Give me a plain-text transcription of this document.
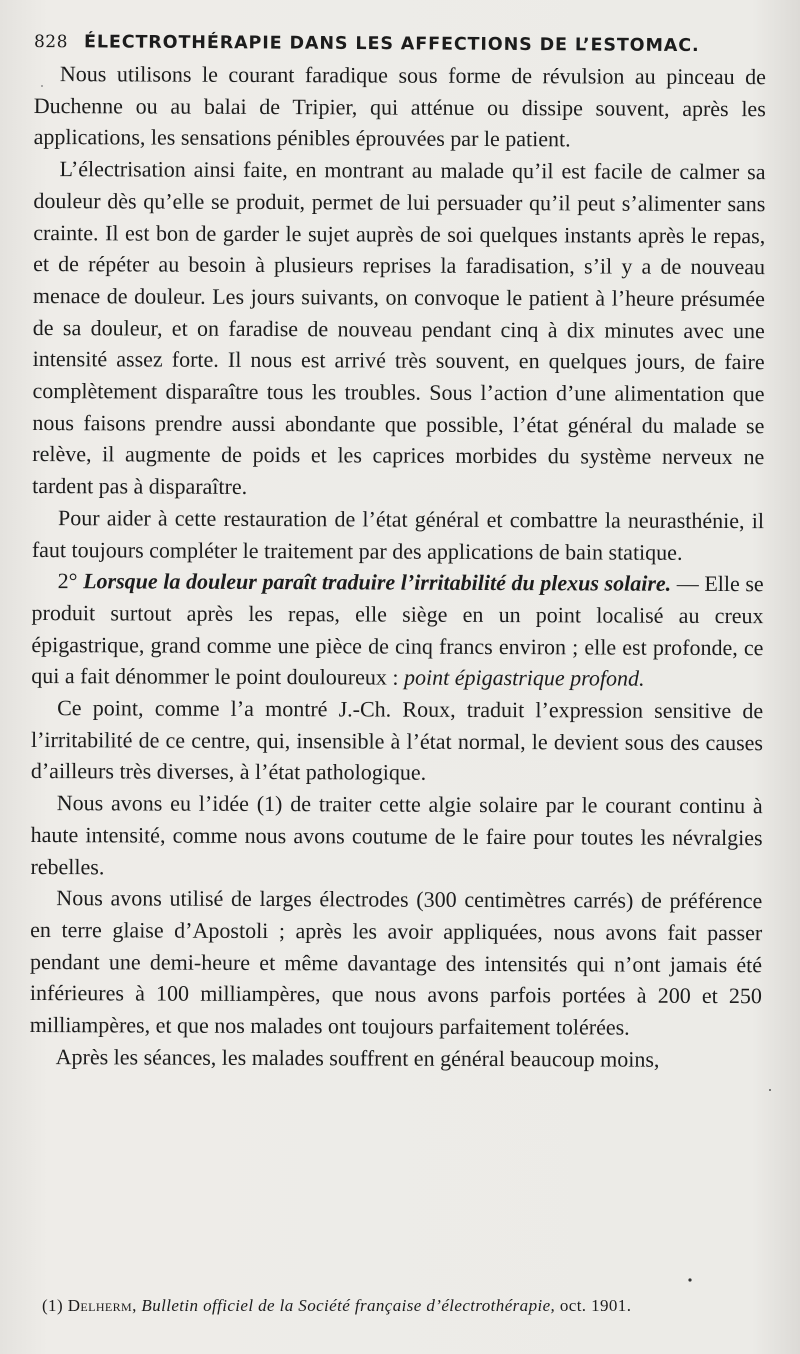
828 ÉLECTROTHÉRAPIE DANS LES AFFECTIONS DE L’ESTOMAC.

Nous utilisons le courant faradique sous forme de révulsion au pinceau de Duchenne ou au balai de Tripier, qui atténue ou dissipe souvent, après les applications, les sensations pénibles éprouvées par le patient.

L’électrisation ainsi faite, en montrant au malade qu’il est facile de calmer sa douleur dès qu’elle se produit, permet de lui persuader qu’il peut s’alimenter sans crainte. Il est bon de garder le sujet auprès de soi quelques instants après le repas, et de répéter au besoin à plusieurs reprises la faradisation, s’il y a de nouveau menace de douleur. Les jours suivants, on convoque le patient à l’heure présumée de sa douleur, et on faradise de nouveau pendant cinq à dix minutes avec une intensité assez forte. Il nous est arrivé très souvent, en quelques jours, de faire complètement disparaître tous les troubles. Sous l’action d’une alimentation que nous faisons prendre aussi abondante que possible, l’état général du malade se relève, il augmente de poids et les caprices morbides du système nerveux ne tardent pas à disparaître.

Pour aider à cette restauration de l’état général et combattre la neurasthénie, il faut toujours compléter le traitement par des applications de bain statique.

2° Lorsque la douleur paraît traduire l’irritabilité du plexus solaire. — Elle se produit surtout après les repas, elle siège en un point localisé au creux épigastrique, grand comme une pièce de cinq francs environ ; elle est profonde, ce qui a fait dénommer le point douloureux : point épigastrique profond.

Ce point, comme l’a montré J.-Ch. Roux, traduit l’expression sensitive de l’irritabilité de ce centre, qui, insensible à l’état normal, le devient sous des causes d’ailleurs très diverses, à l’état pathologique.

Nous avons eu l’idée (1) de traiter cette algie solaire par le courant continu à haute intensité, comme nous avons coutume de le faire pour toutes les névralgies rebelles.

Nous avons utilisé de larges électrodes (300 centimètres carrés) de préférence en terre glaise d’Apostoli ; après les avoir appliquées, nous avons fait passer pendant une demi-heure et même davantage des intensités qui n’ont jamais été inférieures à 100 milliampères, que nous avons parfois portées à 200 et 250 milliampères, et que nos malades ont toujours parfaitement tolérées.

Après les séances, les malades souffrent en général beaucoup moins,

(1) Delherm, Bulletin officiel de la Société française d’électrothérapie, oct. 1901.
